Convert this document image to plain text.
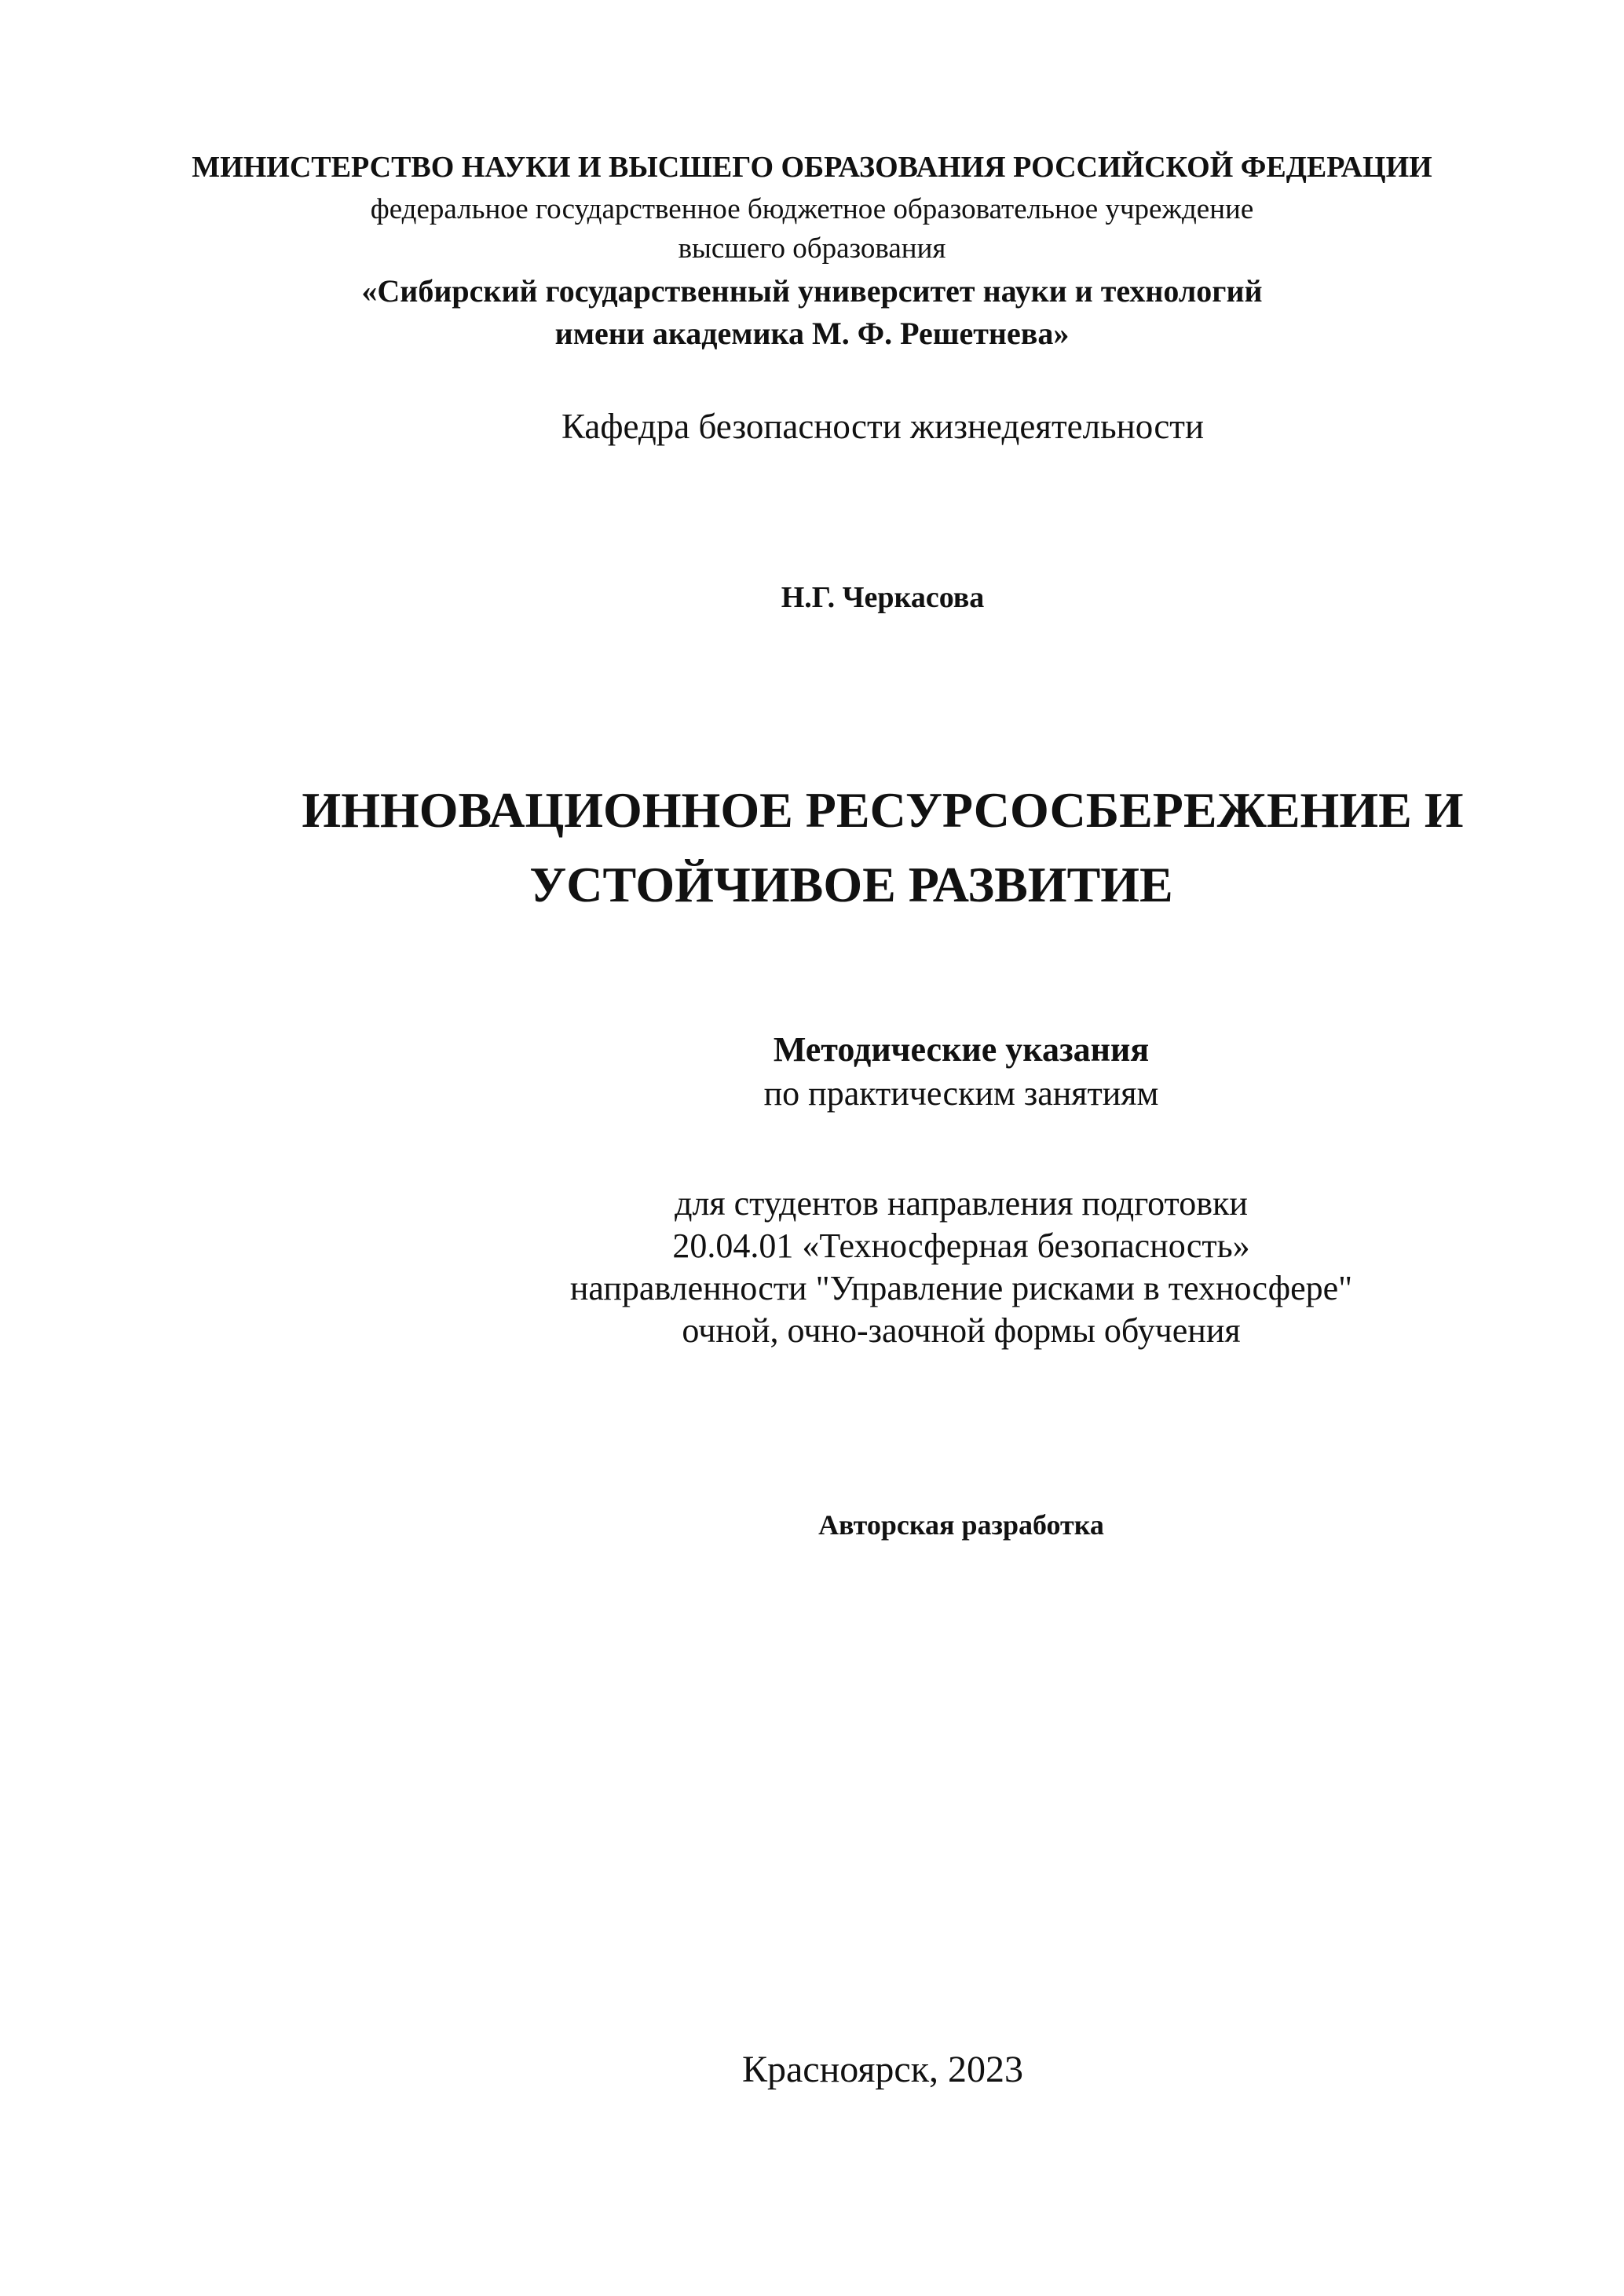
МИНИСТЕРСТВО НАУКИ И ВЫСШЕГО ОБРАЗОВАНИЯ РОССИЙСКОЙ ФЕДЕРАЦИИ
федеральное государственное бюджетное образовательное учреждение
высшего образования
«Сибирский государственный университет науки и технологий
имени академика М. Ф. Решетнева»
Кафедра безопасности жизнедеятельности
Н.Г. Черкасова
ИННОВАЦИОННОЕ РЕСУРСОСБЕРЕЖЕНИЕ И
УСТОЙЧИВОЕ РАЗВИТИЕ
Методические указания
по практическим занятиям
для студентов направления подготовки
20.04.01 «Техносферная безопасность»
направленности "Управление рисками в техносфере"
очной, очно-заочной формы обучения
Авторская разработка
Красноярск, 2023
